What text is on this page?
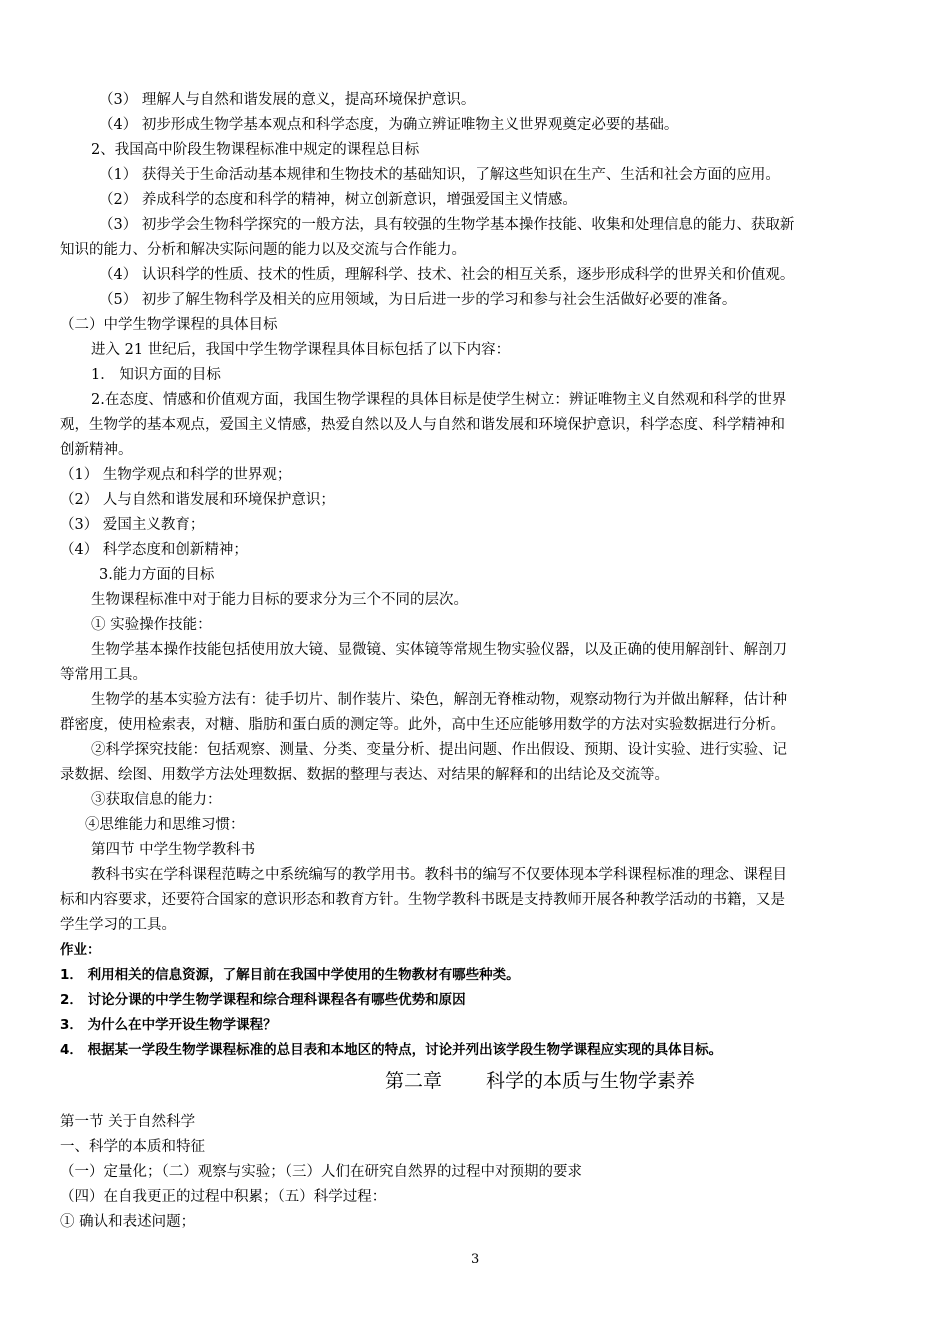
（3） 理解人与自然和谐发展的意义，提高环境保护意识。
（4） 初步形成生物学基本观点和科学态度，为确立辨证唯物主义世界观奠定必要的基础。
2、我国高中阶段生物课程标准中规定的课程总目标
（1） 获得关于生命活动基本规律和生物技术的基础知识，了解这些知识在生产、生活和社会方面的应用。
（2） 养成科学的态度和科学的精神，树立创新意识，增强爱国主义情感。
（3） 初步学会生物科学探究的一般方法，具有较强的生物学基本操作技能、收集和处理信息的能力、获取新
知识的能力、分析和解决实际问题的能力以及交流与合作能力。
（4） 认识科学的性质、技术的性质，理解科学、技术、社会的相互关系，逐步形成科学的世界关和价值观。
（5） 初步了解生物科学及相关的应用领域，为日后进一步的学习和参与社会生活做好必要的准备。
（二）中学生物学课程的具体目标
进入 21 世纪后，我国中学生物学课程具体目标包括了以下内容：
1． 知识方面的目标
2.在态度、情感和价值观方面，我国生物学课程的具体目标是使学生树立：辨证唯物主义自然观和科学的世界
观，生物学的基本观点，爱国主义情感，热爱自然以及人与自然和谐发展和环境保护意识，科学态度、科学精神和
创新精神。
（1） 生物学观点和科学的世界观；
（2） 人与自然和谐发展和环境保护意识；
（3） 爱国主义教育；
（4） 科学态度和创新精神；
3.能力方面的目标
生物课程标准中对于能力目标的要求分为三个不同的层次。
① 实验操作技能：
生物学基本操作技能包括使用放大镜、显微镜、实体镜等常规生物实验仪器，以及正确的使用解剖针、解剖刀
等常用工具。
生物学的基本实验方法有：徒手切片、制作装片、染色，解剖无脊椎动物，观察动物行为并做出解释，估计种
群密度，使用检索表，对糖、脂肪和蛋白质的测定等。此外，高中生还应能够用数学的方法对实验数据进行分析。
②科学探究技能：包括观察、测量、分类、变量分析、提出问题、作出假设、预期、设计实验、进行实验、记
录数据、绘图、用数学方法处理数据、数据的整理与表达、对结果的解释和的出结论及交流等。
③获取信息的能力：
④思维能力和思维习惯：
第四节 中学生物学教科书
教科书实在学科课程范畴之中系统编写的教学用书。教科书的编写不仅要体现本学科课程标准的理念、课程目
标和内容要求，还要符合国家的意识形态和教育方针。生物学教科书既是支持教师开展各种教学活动的书籍，又是
学生学习的工具。
作业：
1． 利用相关的信息资源，了解目前在我国中学使用的生物教材有哪些种类。
2． 讨论分课的中学生物学课程和综合理科课程各有哪些优势和原因
3． 为什么在中学开设生物学课程？
4． 根据某一学段生物学课程标准的总目表和本地区的特点，讨论并列出该学段生物学课程应实现的具体目标。
第二章 科学的本质与生物学素养
第一节 关于自然科学
一、科学的本质和特征
（一）定量化；（二）观察与实验；（三）人们在研究自然界的过程中对预期的要求
（四）在自我更正的过程中积累；（五）科学过程：
① 确认和表述问题；
3
